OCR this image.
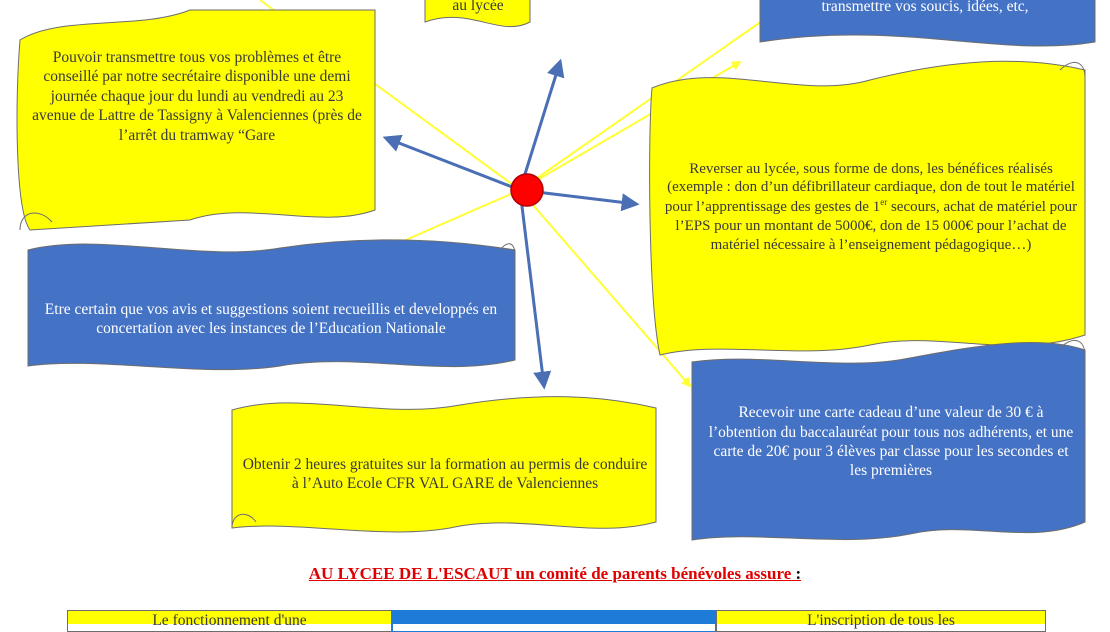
au lycée	transmettre vos soucis, idées, etc,
Pouvoir transmettre tous vos problèmes et être conseillé par notre secrétaire disponible une demi journée chaque jour du lundi au vendredi au 23 avenue de Lattre de Tassigny à Valenciennes (près de l’arrêt du tramway “Gare
Reverser au lycée, sous forme de dons, les bénéfices réalisés (exemple : don d’un défibrillateur cardiaque, don de tout le matériel pour l’apprentissage des gestes de 1er secours, achat de matériel pour l’EPS pour un montant de 5000€, don de 15 000€ pour l’achat de matériel nécessaire à l’enseignement pédagogique…)
Etre certain que vos avis et suggestions soient recueillis et developpés en concertation avec les instances de l’Education Nationale
Obtenir 2 heures gratuites sur la formation au permis de conduire à l’Auto Ecole CFR VAL GARE de Valenciennes
Recevoir une carte cadeau d’une valeur de 30 € à l’obtention du baccalauréat pour tous nos adhérents, et une carte de 20€ pour 3 élèves par classe pour les secondes et les premières
AU LYCEE DE L'ESCAUT un comité de parents bénévoles assure :
Le fonctionnement d'une	L'inscription de tous les
